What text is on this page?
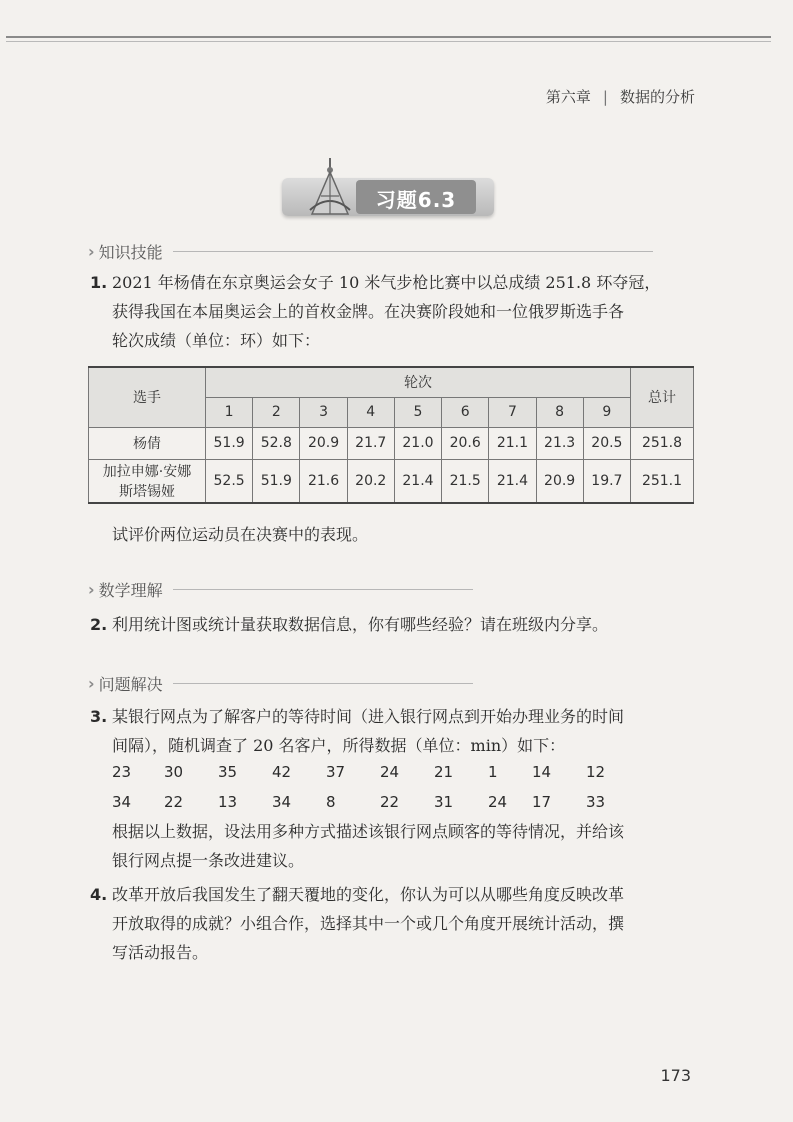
第六章 | 数据的分析
习题6.3
› 知识技能
1. 2021 年杨倩在东京奥运会女子 10 米气步枪比赛中以总成绩 251.8 环夺冠，
获得我国在本届奥运会上的首枚金牌。在决赛阶段她和一位俄罗斯选手各
轮次成绩（单位：环）如下：
选手	轮次									总计
	1	2	3	4	5	6	7	8	9	
杨倩	51.9	52.8	20.9	21.7	21.0	20.6	21.1	21.3	20.5	251.8

加拉申娜·安娜
斯塔锡娅	52.5	51.9	21.6	20.2	21.4	21.5	21.4	20.9	19.7	251.1
试评价两位运动员在决赛中的表现。
› 数学理解
2. 利用统计图或统计量获取数据信息，你有哪些经验？请在班级内分享。
› 问题解决
3. 某银行网点为了解客户的等待时间（进入银行网点到开始办理业务的时间
间隔），随机调查了 20 名客户，所得数据（单位：min）如下：
23 30 35 42 37 24 21 1 14 12
34 22 13 34 8	22 31 24 17 33
根据以上数据，设法用多种方式描述该银行网点顾客的等待情况，并给该
银行网点提一条改进建议。
4. 改革开放后我国发生了翻天覆地的变化，你认为可以从哪些角度反映改革
开放取得的成就？小组合作，选择其中一个或几个角度开展统计活动，撰
写活动报告。
173
